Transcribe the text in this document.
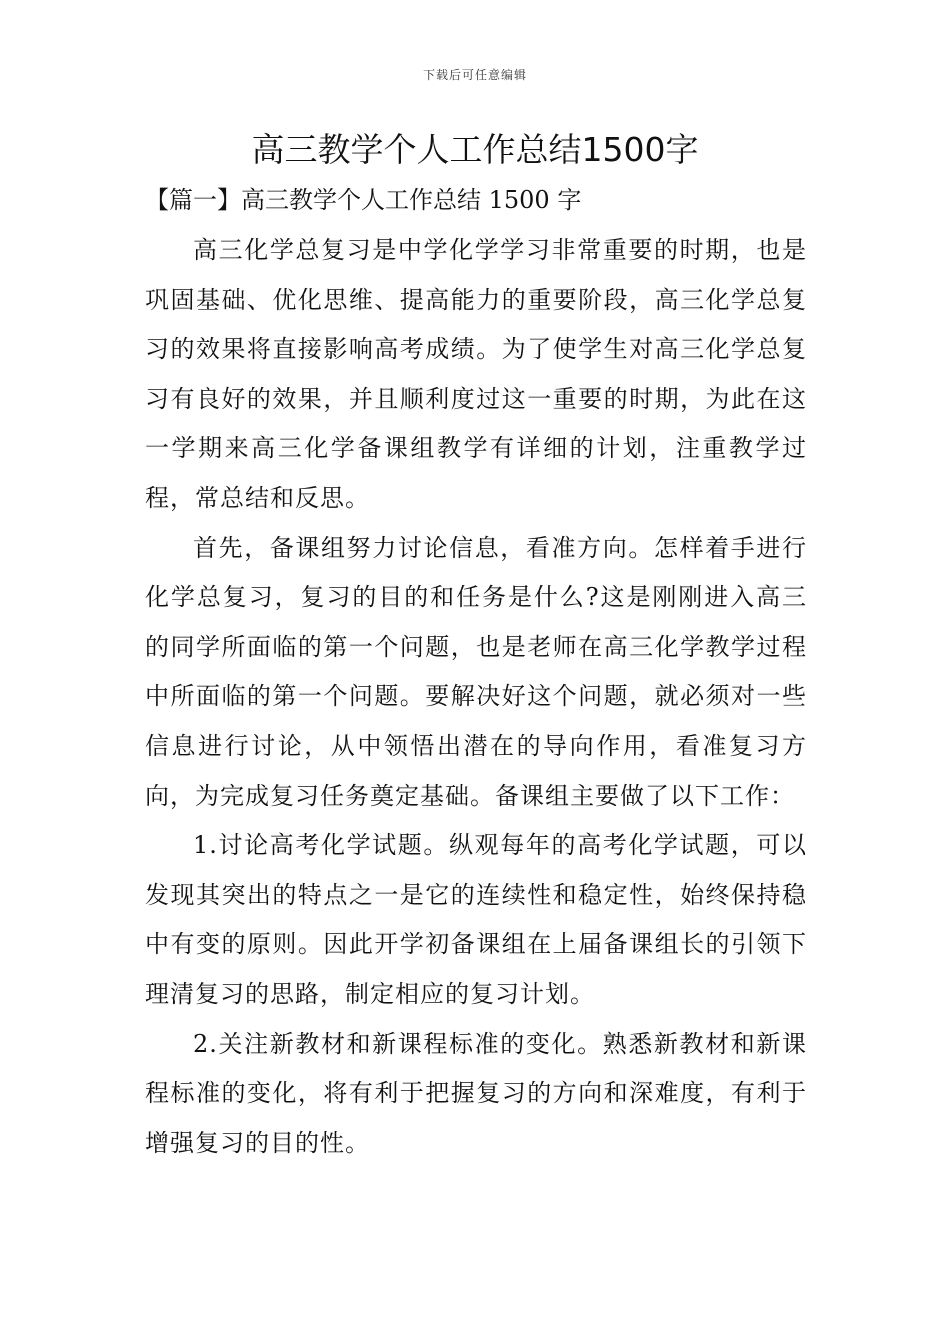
下载后可任意编辑
高三教学个人工作总结1500字
【篇一】高三教学个人工作总结 1500 字

高三化学总复习是中学化学学习非常重要的时期，也是巩固基础、优化思维、提高能力的重要阶段，高三化学总复习的效果将直接影响高考成绩。为了使学生对高三化学总复习有良好的效果，并且顺利度过这一重要的时期，为此在这一学期来高三化学备课组教学有详细的计划，注重教学过程，常总结和反思。

首先，备课组努力讨论信息，看准方向。怎样着手进行化学总复习，复习的目的和任务是什么?这是刚刚进入高三的同学所面临的第一个问题，也是老师在高三化学教学过程中所面临的第一个问题。要解决好这个问题，就必须对一些信息进行讨论，从中领悟出潜在的导向作用，看准复习方向，为完成复习任务奠定基础。备课组主要做了以下工作：

1.讨论高考化学试题。纵观每年的高考化学试题，可以发现其突出的特点之一是它的连续性和稳定性，始终保持稳中有变的原则。因此开学初备课组在上届备课组长的引领下理清复习的思路，制定相应的复习计划。

2.关注新教材和新课程标准的变化。熟悉新教材和新课程标准的变化，将有利于把握复习的方向和深难度，有利于增强复习的目的性。
